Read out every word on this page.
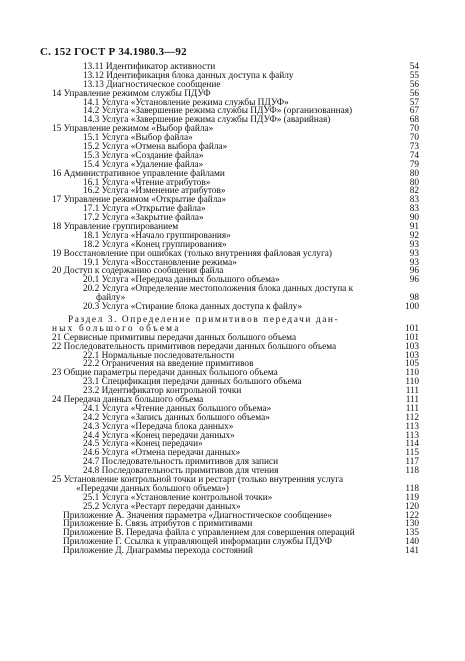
С. 152 ГОСТ Р 34.1980.3—92
13.11 Идентификатор активности	54
13.12 Идентификация блока данных доступа к файлу	55
13.13 Диагностическое сообщение	56
14 Управление режимом службы ПДУФ	56
14.1 Услуга «Установление режима службы ПДУФ»	57
14.2 Услуга «Завершение режима службы ПДУФ» (организованная)	67
14.3 Услуга «Завершение режима службы ПДУФ» (аварийная)	68
15 Управление режимом «Выбор файла»	70
15.1 Услуга «Выбор файла»	70
15.2 Услуга «Отмена выбора файла»	73
15.3 Услуга «Создание файла»	74
15.4 Услуга «Удаление файла»	79
16 Административное управление файлами	80
16.1 Услуга «Чтение атрибутов»	80
16.2 Услуга «Изменение атрибутов»	82
17 Управление режимом «Открытие файла»	83
17.1 Услуга «Открытие файла»	83
17.2 Услуга «Закрытие файла»	90
18 Управление группированием	91
18.1 Услуга «Начало группирования»	92
18.2 Услуга «Конец группирования»	93
19 Восстановление при ошибках (только внутренняя файловая услуга)	93
19.1 Услуга «Восстановление режима»	93
20 Доступ к содержанию сообщения файла	96
20.1 Услуга «Передача данных большого объема»	96
20.2 Услуга «Определение местоположения блока данных доступа к
файлу»	98
20.3 Услуга «Стирание блока данных доступа к файлу»	100
Раздел 3. Определение примитивов передачи дан-
ных большого объема	101
21 Сервисные примитивы передачи данных большого объема	101
22 Последовательность примитивов передачи данных большого объема	103
22.1 Нормальные последовательности	103
22.2 Ограничения на введение примитивов	105
23 Общие параметры передачи данных большого объема	110
23.1 Спецификация передачи данных большого объема	110
23.2 Идентификатор контрольной точки	111
24 Передача данных большого объема	111
24.1 Услуга «Чтение данных большого объема»	111
24.2 Услуга «Запись данных большого объема»	112
24.3 Услуга «Передача блока данных»	113
24.4 Услуга «Конец передачи данных»	113
24.5 Услуга «Конец передачи»	114
24.6 Услуга «Отмена передачи данных»	115
24.7 Последовательность примитивов для записи	117
24.8 Последовательность примитивов для чтения	118
25 Установление контрольной точки и рестарт (только внутренняя услуга
«Передачи данных большого объема»)	118
25.1 Услуга «Установление контрольной точки»	119
25.2 Услуга «Рестарт передачи данных»	120
Приложение А. Значения параметра «Диагностическое сообщение»	122
Приложение Б. Связь атрибутов с примитивами	130
Приложение В. Передача файла с управлением для совершения операций	135
Приложение Г. Ссылка к управляющей информации службы ПДУФ	140
Приложение Д. Диаграммы перехода состояний	141
